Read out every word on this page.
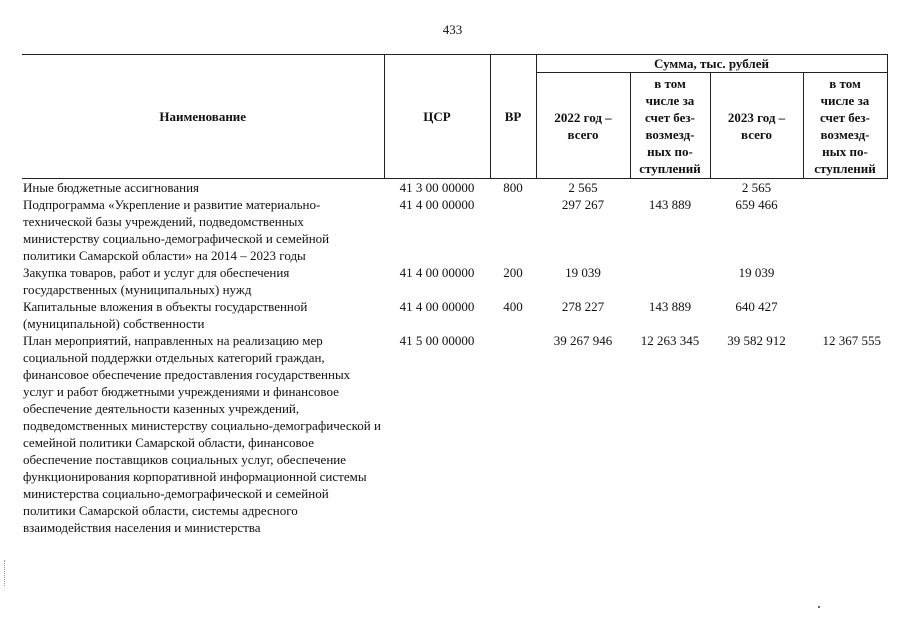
433
Наименование	ЦСР	ВР	Сумма, тыс. рублей			
			2022 год – всего	в том числе за счет без-возмезд-ных по-ступлений	2023 год – всего	в том числе за счет без-возмезд-ных по-ступлений
Иные бюджетные ассигнования	41 3 00 00000	800	2 565		2 565	
Подпрограмма «Укрепление и развитие материально-технической базы учреждений, подведомственных министерству социально-демографической и семейной политики Самарской области» на 2014 – 2023 годы	41 4 00 00000		297 267	143 889	659 466	
Закупка товаров, работ и услуг для обеспечения государственных (муниципальных) нужд	41 4 00 00000	200	19 039		19 039	
Капитальные вложения в объекты государственной (муниципальной) собственности	41 4 00 00000	400	278 227	143 889	640 427	
План мероприятий, направленных на реализацию мер социальной поддержки отдельных категорий граждан, финансовое обеспечение предоставления государственных услуг и работ бюджетными учреждениями и финансовое обеспечение деятельности казенных учреждений, подведомственных министерству социально-демографической и семейной политики Самарской области, финансовое обеспечение поставщиков социальных услуг, обеспечение функционирования корпоративной информационной системы министерства социально-демографической и семейной политики Самарской области, системы адресного взаимодействия населения и министерства	41 5 00 00000		39 267 946	12 263 345	39 582 912	12 367 555
